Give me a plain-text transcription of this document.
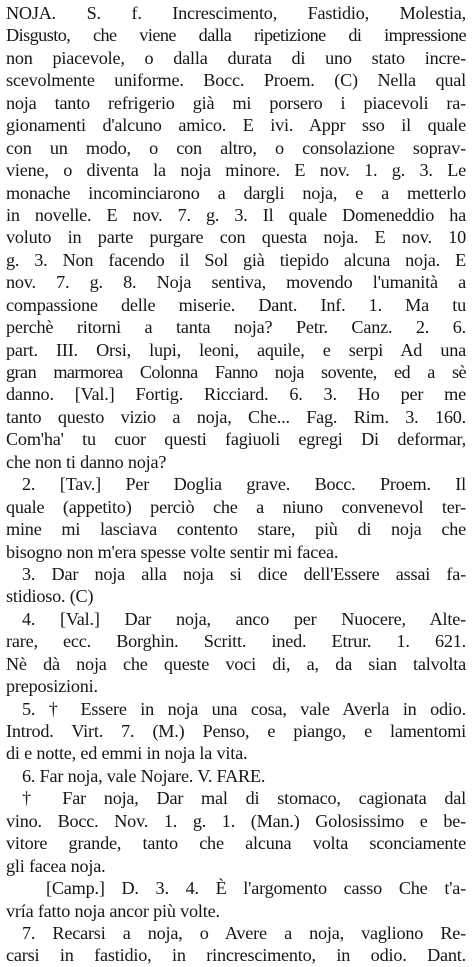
NOJA. S. f. Increscimento, Fastidio, Molestia,
Disgusto, che viene dalla ripetizione di impressione
non piacevole, o dalla durata di uno stato incre-
scevolmente uniforme. Bocc. Proem. (C) Nella qual
noja tanto refrigerio già mi porsero i piacevoli ra-
gionamenti d'alcuno amico. E ivi. Appr sso il quale
con un modo, o con altro, o consolazione soprav-
viene, o diventa la noja minore. E nov. 1. g. 3. Le
monache incominciarono a dargli noja, e a metterlo
in novelle. E nov. 7. g. 3. Il quale Domeneddio ha
voluto in parte purgare con questa noja. E nov. 10
g. 3. Non facendo il Sol già tiepido alcuna noja. E
nov. 7. g. 8. Noja sentiva, movendo l'umanità a
compassione delle miserie. Dant. Inf. 1. Ma tu
perchè ritorni a tanta noja? Petr. Canz. 2. 6.
part. III. Orsi, lupi, leoni, aquile, e serpi Ad una
gran marmorea Colonna Fanno noja sovente, ed a sè
danno. [Val.] Fortig. Ricciard. 6. 3. Ho per me
tanto questo vizio a noja, Che... Fag. Rim. 3. 160.
Com'ha' tu cuor questi fagiuoli egregi Di deformar,
che non ti danno noja?
2. [Tav.] Per Doglia grave. Bocc. Proem. Il
quale (appetito) perciò che a niuno convenevol ter-
mine mi lasciava contento stare, più di noja che
bisogno non m'era spesse volte sentir mi facea.
3. Dar noja alla noja si dice dell'Essere assai fa-
stidioso. (C)
4. [Val.] Dar noja, anco per Nuocere, Alte-
rare, ecc. Borghin. Scritt. ined. Etrur. 1. 621.
Nè dà noja che queste voci di, a, da sian talvolta
preposizioni.
5. † Essere in noja una cosa, vale Averla in odio.
Introd. Virt. 7. (M.) Penso, e piango, e lamentomi
di e notte, ed emmi in noja la vita.
6. Far noja, vale Nojare. V. FARE.
† Far noja, Dar mal di stomaco, cagionata dal
vino. Bocc. Nov. 1. g. 1. (Man.) Golosissimo e be-
vitore grande, tanto che alcuna volta sconciamente
gli facea noja.
[Camp.] D. 3. 4. È l'argomento casso Che t'a-
vría fatto noja ancor più volte.
7. Recarsi a noja, o Avere a noja, vagliono Re-
carsi in fastidio, in rincrescimento, in odio. Dant.
